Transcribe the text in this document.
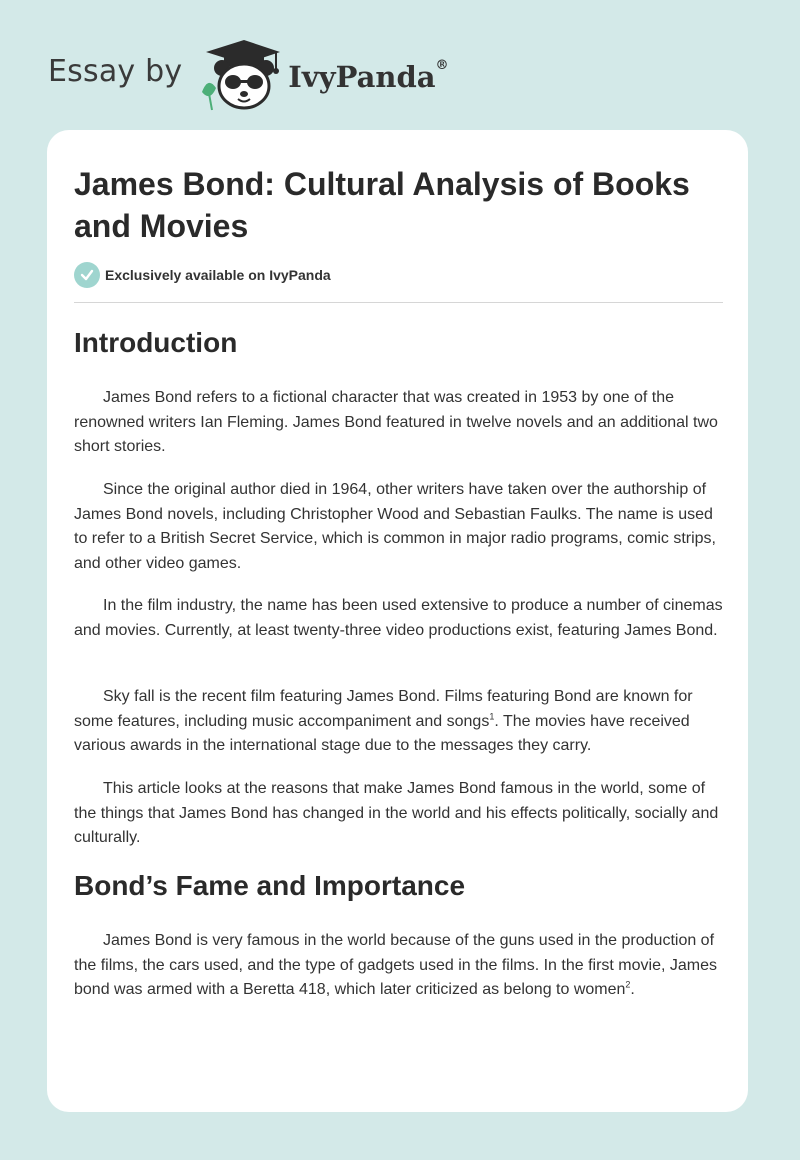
Essay by	IvyPanda®
James Bond: Cultural Analysis of Books and Movies
Exclusively available on IvyPanda
Introduction

James Bond refers to a fictional character that was created in 1953 by one of the renowned writers Ian Fleming. James Bond featured in twelve novels and an additional two short stories.

Since the original author died in 1964, other writers have taken over the authorship of James Bond novels, including Christopher Wood and Sebastian Faulks. The name is used to refer to a British Secret Service, which is common in major radio programs, comic strips, and other video games.

In the film industry, the name has been used extensive to produce a number of cinemas and movies. Currently, at least twenty-three video productions exist, featuring James Bond.

Sky fall is the recent film featuring James Bond. Films featuring Bond are known for some features, including music accompaniment and songs$^1$. The movies have received various awards in the international stage due to the messages they carry.

This article looks at the reasons that make James Bond famous in the world, some of the things that James Bond has changed in the world and his effects politically, socially and culturally.

Bond’s Fame and Importance

James Bond is very famous in the world because of the guns used in the production of the films, the cars used, and the type of gadgets used in the films. In the first movie, James bond was armed with a Beretta 418, which later criticized as belong to women$^2$.
